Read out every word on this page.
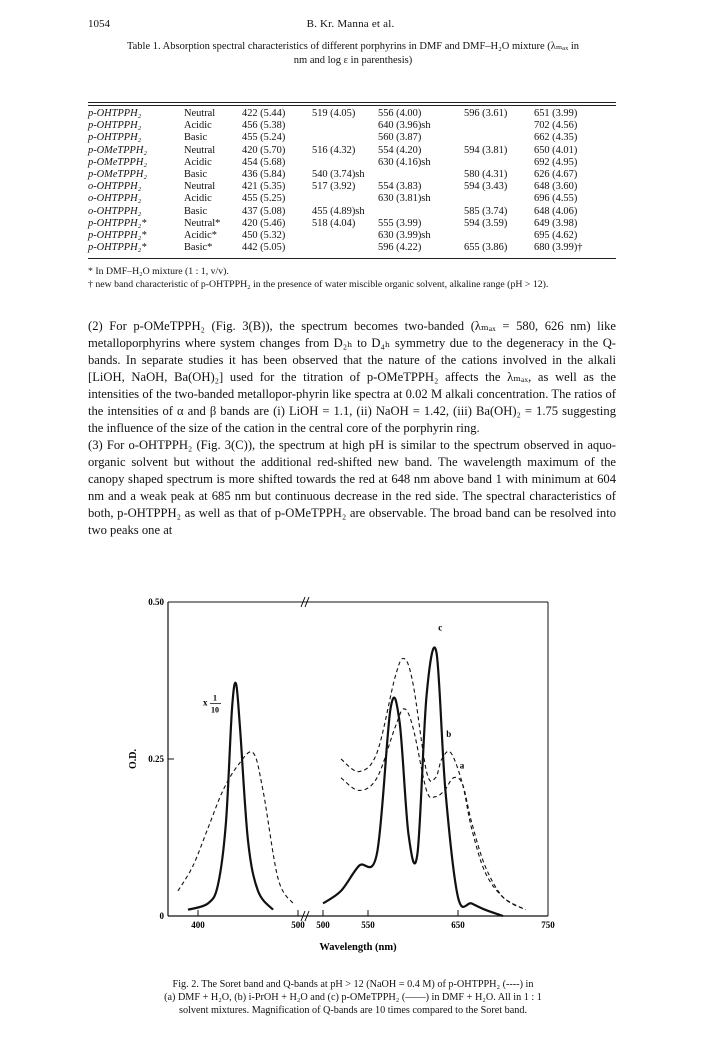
1054	B. Kr. Manna et al.
Table 1. Absorption spectral characteristics of different porphyrins in DMF and DMF–H₂O mixture (λₘₐₓ in
nm and log ε in parenthesis)
p-OHTPPH₂	Neutral	422 (5.44)	519 (4.05)	556 (4.00)	596 (3.61)	651 (3.99)
p-OHTPPH₂	Acidic	456 (5.38)		640 (3.96)sh		702 (4.56)
p-OHTPPH₂	Basic	455 (5.24)		560 (3.87)		662 (4.35)
p-OMeTPPH₂	Neutral	420 (5.70)	516 (4.32)	554 (4.20)	594 (3.81)	650 (4.01)
p-OMeTPPH₂	Acidic	454 (5.68)		630 (4.16)sh		692 (4.95)
p-OMeTPPH₂	Basic	436 (5.84)	540 (3.74)sh		580 (4.31)	626 (4.67)
o-OHTPPH₂	Neutral	421 (5.35)	517 (3.92)	554 (3.83)	594 (3.43)	648 (3.60)
o-OHTPPH₂	Acidic	455 (5.25)		630 (3.81)sh		696 (4.55)
o-OHTPPH₂	Basic	437 (5.08)	455 (4.89)sh		585 (3.74)	648 (4.06)
p-OHTPPH₂*	Neutral*	420 (5.46)	518 (4.04)	555 (3.99)	594 (3.59)	649 (3.98)
p-OHTPPH₂*	Acidic*	450 (5.32)		630 (3.99)sh		695 (4.62)
p-OHTPPH₂*	Basic*	442 (5.05)		596 (4.22)	655 (3.86)	680 (3.99)†
* In DMF–H₂O mixture (1 : 1, v/v).
† new band characteristic of p-OHTPPH₂ in the presence of water miscible organic solvent, alkaline range (pH > 12).

(2) For p-OMeTPPH₂ (Fig. 3(B)), the spectrum becomes two-banded (λₘₐₓ = 580, 626 nm) like metalloporphyrins where system changes from D₂ₕ to D₄ₕ symmetry due to the degeneracy in the Q-bands. In separate studies it has been observed that the nature of the cations involved in the alkali [LiOH, NaOH, Ba(OH)₂] used for the titration of p-OMeTPPH₂ affects the λₘₐₓ, as well as the intensities of the two-banded metallopor-phyrin like spectra at 0.02 M alkali concentration. The ratios of the intensities of α and β bands are (i) LiOH = 1.1, (ii) NaOH = 1.42, (iii) Ba(OH)₂ = 1.75 suggesting the influence of the size of the cation in the central core of the porphyrin ring.

(3) For o-OHTPPH₂ (Fig. 3(C)), the spectrum at high pH is similar to the spectrum observed in aquo-organic solvent but without the additional red-shifted new band. The wavelength maximum of the canopy shaped spectrum is more shifted towards the red at 648 nm above band 1 with minimum at 604 nm and a weak peak at 685 nm but continuous decrease in the red side. The spectral characteristics of both, p-OHTPPH₂ as well as that of p-OMeTPPH₂ are observable. The broad band can be resolved into two peaks one at

0
0.25
0.50
400	500 500	550	650	750
O.D.
Wavelength (nm)
c
b
a
x 1
10
Fig. 2. The Soret band and Q-bands at pH > 12 (NaOH = 0.4 M) of p-OHTPPH₂ (----) in
(a) DMF + H₂O, (b) i-PrOH + H₂O and (c) p-OMeTPPH₂ (——) in DMF + H₂O. All in 1 : 1
solvent mixtures. Magnification of Q-bands are 10 times compared to the Soret band.
